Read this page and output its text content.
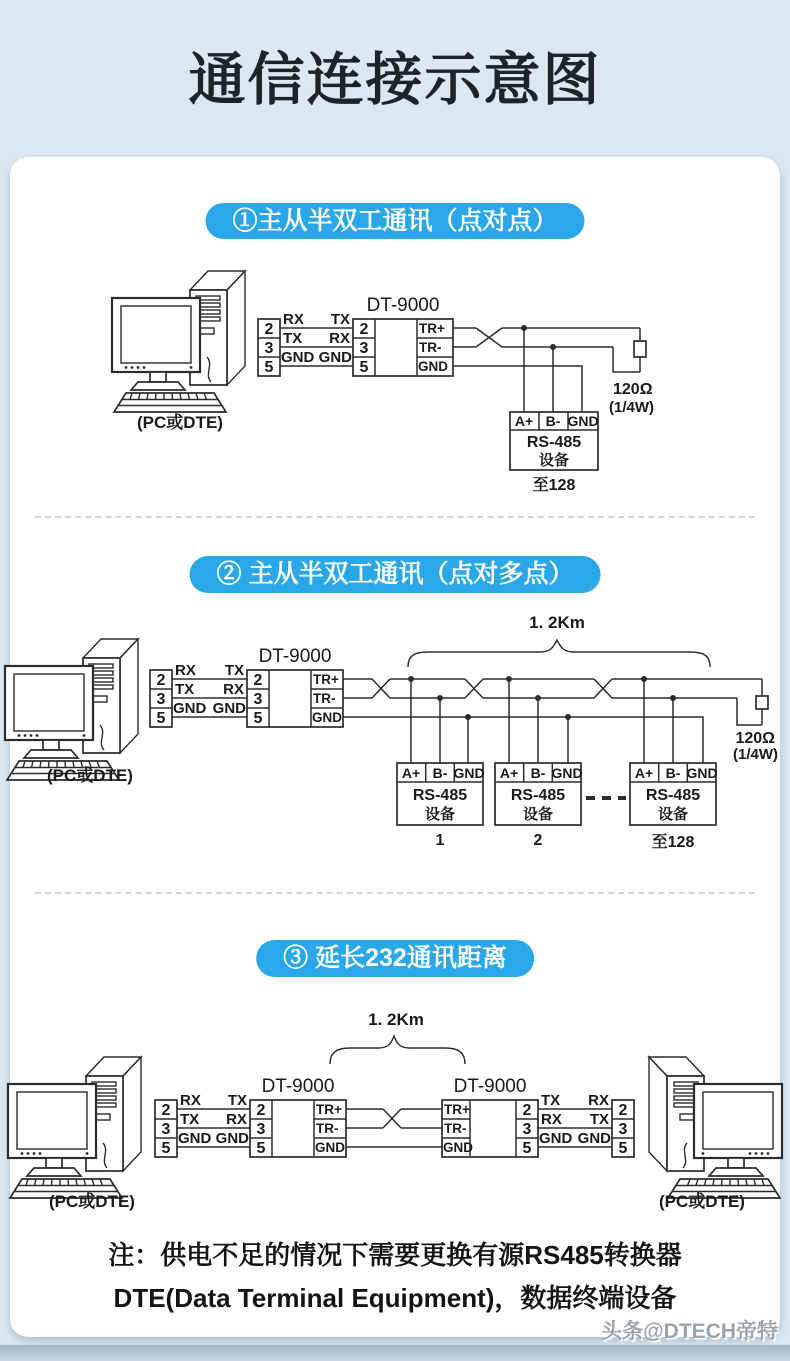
通信连接示意图
①主从半双工通讯（点对点）
(PC或DTE)
2
3
5
RX TX
TX RX
GND GND
DT-9000
2
3
5
TR+
TR-
GND
120Ω
(1/4W)
A+ B- GND
RS-485
设备
至128
② 主从半双工通讯（点对多点）
(PC或DTE)
2
3
5
RX TX
TX RX
GND GND
DT-9000
2
3
5
TR+
TR-
GND
120Ω
(1/4W)
1. 2Km
A+ B- GND
RS-485
设备
1
A+ B- GND
RS-485
设备
2
A+ B- GND
RS-485
设备
至128
③ 延长232通讯距离
(PC或DTE)
2
3
5
RX TX
TX RX
GND GND
DT-9000
2
3
5
TR+
TR-
GND
1. 2Km
DT-9000
TR+
TR-
GND
2
3
5
TX RX
RX TX
GND GND
2
3
5
(PC或DTE)
注：供电不足的情况下需要更换有源RS485转换器
DTE(Data Terminal Equipment)，数据终端设备
头条@DTECH帝特
